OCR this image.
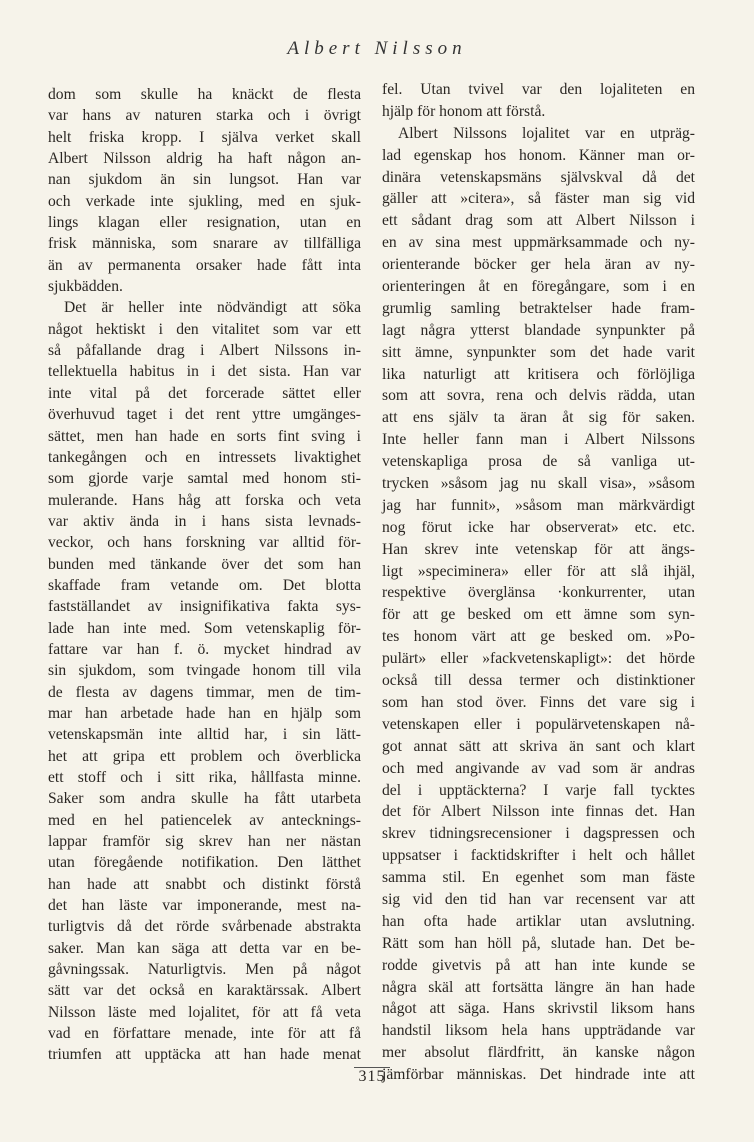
Albert Nilsson
dom som skulle ha knäckt de flesta
var hans av naturen starka och i övrigt
helt friska kropp. I själva verket skall
Albert Nilsson aldrig ha haft någon an-
nan sjukdom än sin lungsot. Han var
och verkade inte sjukling, med en sjuk-
lings klagan eller resignation, utan en
frisk människa, som snarare av tillfälliga
än av permanenta orsaker hade fått inta
sjukbädden.
Det är heller inte nödvändigt att söka
något hektiskt i den vitalitet som var ett
så påfallande drag i Albert Nilssons in-
tellektuella habitus in i det sista. Han var
inte vital på det forcerade sättet eller
överhuvud taget i det rent yttre umgänges-
sättet, men han hade en sorts fint sving i
tankegången och en intressets livaktighet
som gjorde varje samtal med honom sti-
mulerande. Hans håg att forska och veta
var aktiv ända in i hans sista levnads-
veckor, och hans forskning var alltid för-
bunden med tänkande över det som han
skaffade fram vetande om. Det blotta
fastställandet av insignifikativa fakta sys-
lade han inte med. Som vetenskaplig för-
fattare var han f. ö. mycket hindrad av
sin sjukdom, som tvingade honom till vila
de flesta av dagens timmar, men de tim-
mar han arbetade hade han en hjälp som
vetenskapsmän inte alltid har, i sin lätt-
het att gripa ett problem och överblicka
ett stoff och i sitt rika, hållfasta minne.
Saker som andra skulle ha fått utarbeta
med en hel patiencelek av antecknings-
lappar framför sig skrev han ner nästan
utan föregående notifikation. Den lätthet
han hade att snabbt och distinkt förstå
det han läste var imponerande, mest na-
turligtvis då det rörde svårbenade abstrakta
saker. Man kan säga att detta var en be-
gåvningssak. Naturligtvis. Men på något
sätt var det också en karaktärssak. Albert
Nilsson läste med lojalitet, för att få veta
vad en författare menade, inte för att få
triumfen att upptäcka att han hade menat
fel. Utan tvivel var den lojaliteten en
hjälp för honom att förstå.
Albert Nilssons lojalitet var en utpräg-
lad egenskap hos honom. Känner man or-
dinära vetenskapsmäns självskval då det
gäller att »citera», så fäster man sig vid
ett sådant drag som att Albert Nilsson i
en av sina mest uppmärksammade och ny-
orienterande böcker ger hela äran av ny-
orienteringen åt en föregångare, som i en
grumlig samling betraktelser hade fram-
lagt några ytterst blandade synpunkter på
sitt ämne, synpunkter som det hade varit
lika naturligt att kritisera och förlöjliga
som att sovra, rena och delvis rädda, utan
att ens själv ta äran åt sig för saken.
Inte heller fann man i Albert Nilssons
vetenskapliga prosa de så vanliga ut-
trycken »såsom jag nu skall visa», »såsom
jag har funnit», »såsom man märkvärdigt
nog förut icke har observerat» etc. etc.
Han skrev inte vetenskap för att ängs-
ligt »speciminera» eller för att slå ihjäl,
respektive överglänsa ·konkurrenter, utan
för att ge besked om ett ämne som syn-
tes honom värt att ge besked om. »Po-
pulärt» eller »fackvetenskapligt»: det hörde
också till dessa termer och distinktioner
som han stod över. Finns det vare sig i
vetenskapen eller i populärvetenskapen nå-
got annat sätt att skriva än sant och klart
och med angivande av vad som är andras
del i upptäckterna? I varje fall tycktes
det för Albert Nilsson inte finnas det. Han
skrev tidningsrecensioner i dagspressen och
uppsatser i facktidskrifter i helt och hållet
samma stil. En egenhet som man fäste
sig vid den tid han var recensent var att
han ofta hade artiklar utan avslutning.
Rätt som han höll på, slutade han. Det be-
rodde givetvis på att han inte kunde se
några skäl att fortsätta längre än han hade
något att säga. Hans skrivstil liksom hans
handstil liksom hela hans uppträdande var
mer absolut flärdfritt, än kanske någon
jämförbar människas. Det hindrade inte att
315
